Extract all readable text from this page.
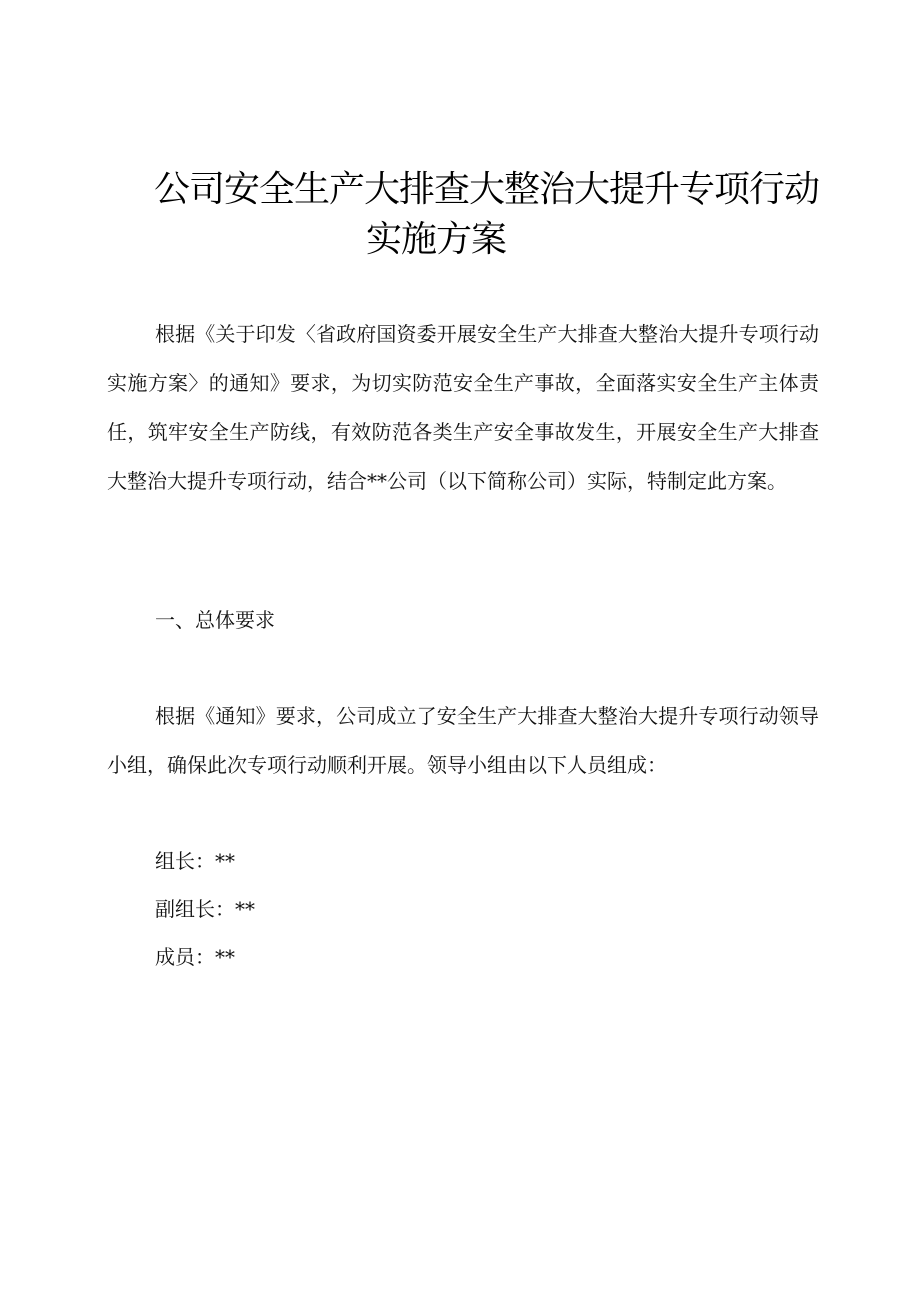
公司安全生产大排查大整治大提升专项行动
实施方案

根据《关于印发〈省政府国资委开展安全生产大排查大整治大提升专项行动实施方案〉的通知》要求，为切实防范安全生产事故，全面落实安全生产主体责任，筑牢安全生产防线，有效防范各类生产安全事故发生，开展安全生产大排查大整治大提升专项行动，结合**公司（以下简称公司）实际，特制定此方案。

一、总体要求

根据《通知》要求，公司成立了安全生产大排查大整治大提升专项行动领导小组，确保此次专项行动顺利开展。领导小组由以下人员组成：

组长：**
副组长：**
成员：**
